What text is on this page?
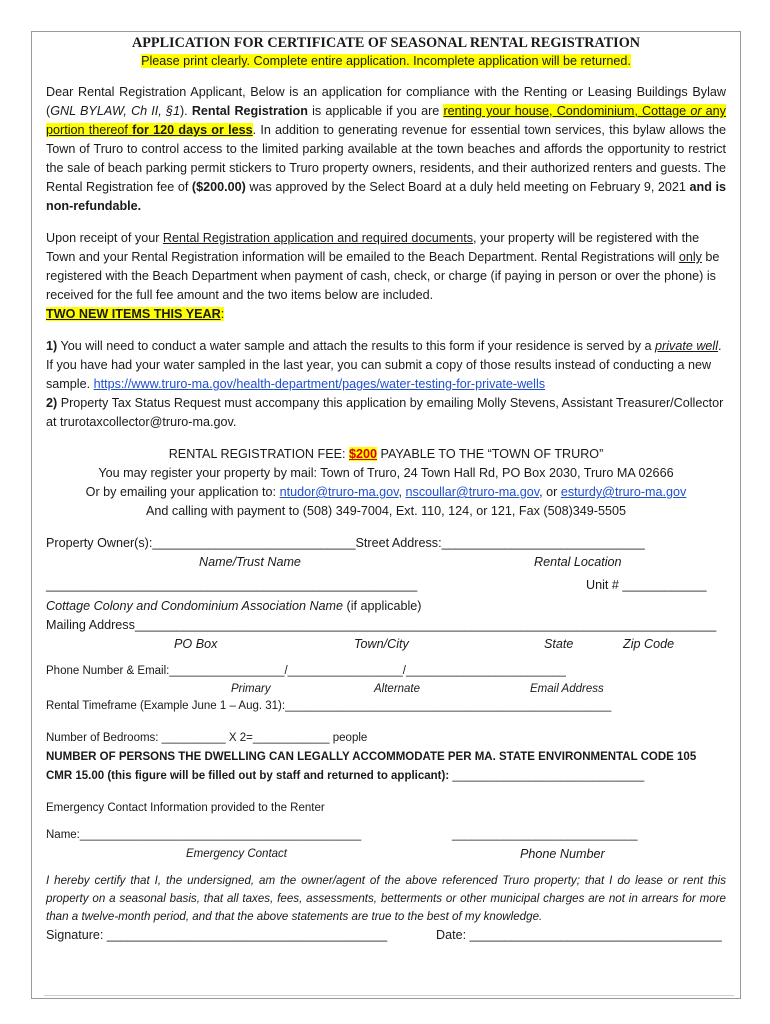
APPLICATION FOR CERTIFICATE OF SEASONAL RENTAL REGISTRATION
Please print clearly. Complete entire application. Incomplete application will be returned.

Dear Rental Registration Applicant, Below is an application for compliance with the Renting or Leasing Buildings Bylaw (GNL BYLAW, Ch II, §1). Rental Registration is applicable if you are renting your house, Condominium, Cottage or any portion thereof for 120 days or less. In addition to generating revenue for essential town services, this bylaw allows the Town of Truro to control access to the limited parking available at the town beaches and affords the opportunity to restrict the sale of beach parking permit stickers to Truro property owners, residents, and their authorized renters and guests. The Rental Registration fee of ($200.00) was approved by the Select Board at a duly held meeting on February 9, 2021 and is non-refundable.

Upon receipt of your Rental Registration application and required documents, your property will be registered with the Town and your Rental Registration information will be emailed to the Beach Department. Rental Registrations will only be registered with the Beach Department when payment of cash, check, or charge (if paying in person or over the phone) is received for the full fee amount and the two items below are included.
TWO NEW ITEMS THIS YEAR:

1) You will need to conduct a water sample and attach the results to this form if your residence is served by a private well. If you have had your water sampled in the last year, you can submit a copy of those results instead of conducting a new sample. https://www.truro-ma.gov/health-department/pages/water-testing-for-private-wells

2) Property Tax Status Request must accompany this application by emailing Molly Stevens, Assistant Treasurer/Collector at trurotaxcollector@truro-ma.gov.

RENTAL REGISTRATION FEE: $200 PAYABLE TO THE “TOWN OF TRURO”

You may register your property by mail: Town of Truro, 24 Town Hall Rd, PO Box 2030, Truro MA 02666

Or by emailing your application to: ntudor@truro-ma.gov, nscoullar@truro-ma.gov, or esturdy@truro-ma.gov

And calling with payment to (508) 349-7004, Ext. 110, 124, or 121, Fax (508)349-5505

Property Owner(s):_____________________________Street Address:_____________________________
Name/Trust Name	Rental Location
_____________________________________________________	Unit # ____________
Cottage Colony and Condominium Association Name (if applicable)
Mailing Address___________________________________________________________________________________
PO Box	Town/City	State	Zip Code
Phone Number & Email:__________________/__________________/_________________________
Primary	Alternate	Email Address
Rental Timeframe (Example June 1 – Aug. 31):___________________________________________________
Number of Bedrooms: __________ X 2=____________ people
NUMBER OF PERSONS THE DWELLING CAN LEGALLY ACCOMMODATE PER MA. STATE ENVIRONMENTAL CODE 105
CMR 15.00 (this figure will be filled out by staff and returned to applicant): ______________________________
Emergency Contact Information provided to the Renter
Name:____________________________________________	_____________________________
Emergency Contact	Phone Number

I hereby certify that I, the undersigned, am the owner/agent of the above referenced Truro property; that I do lease or rent this property on a seasonal basis, that all taxes, fees, assessments, betterments or other municipal charges are not in arrears for more than a twelve-month period, and that the above statements are true to the best of my knowledge.

Signature: ________________________________________	Date: ____________________________________
